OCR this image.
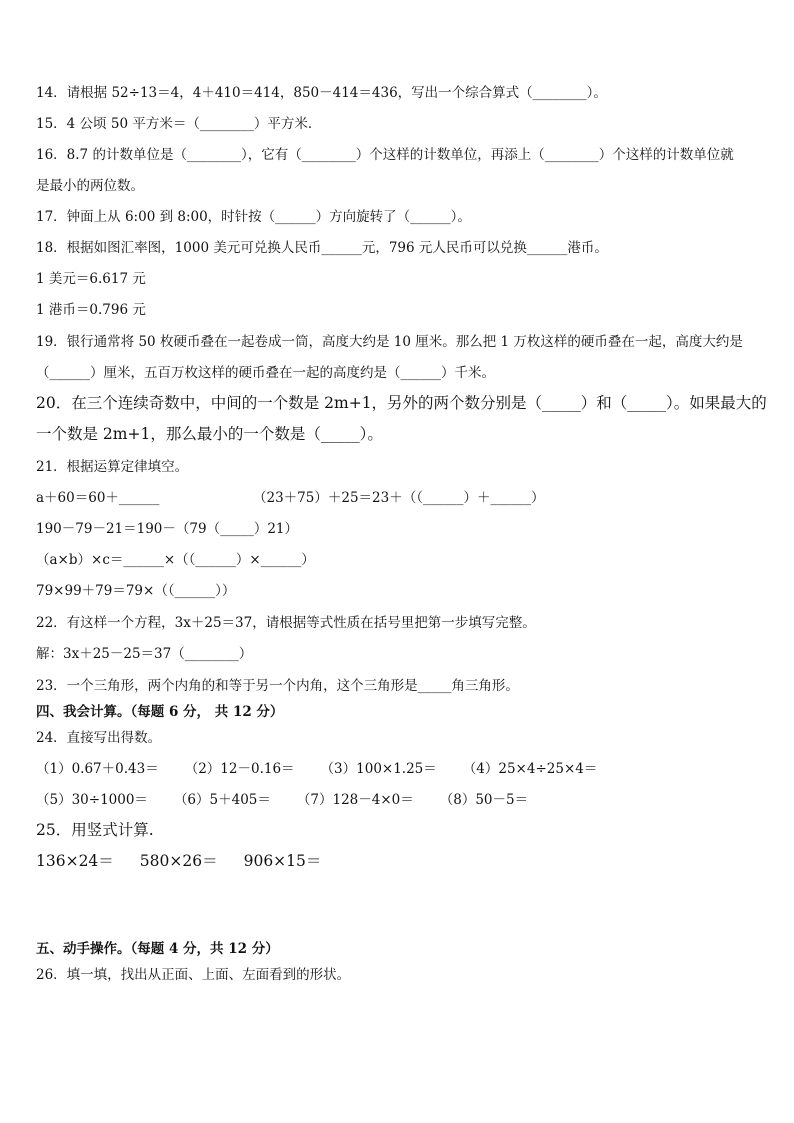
14．请根据 52÷13＝4，4＋410＝414，850－414＝436，写出一个综合算式（________）。
15．4 公顷 50 平方米＝（________）平方米．
16．8.7 的计数单位是（________），它有（________）个这样的计数单位，再添上（________）个这样的计数单位就
是最小的两位数。
17．钟面上从 6:00 到 8:00，时针按（______）方向旋转了（______）。
18．根据如图汇率图，1000 美元可兑换人民币______元，796 元人民币可以兑换______港币。
1 美元＝6.617 元
1 港币＝0.796 元
19．银行通常将 50 枚硬币叠在一起卷成一筒，高度大约是 10 厘米。那么把 1 万枚这样的硬币叠在一起，高度大约是
（______）厘米，五百万枚这样的硬币叠在一起的高度约是（______）千米。
20．在三个连续奇数中，中间的一个数是 2m+1，另外的两个数分别是（_____）和（_____）。如果最大的
一个数是 2m+1，那么最小的一个数是（_____）。
21．根据运算定律填空。
a＋60＝60＋______	（23＋75）＋25＝23＋（（______）＋______）
190－79－21＝190－（79（_____）21）
（a×b）×c＝______×（（______）×______）
79×99＋79＝79×（（______））
22．有这样一个方程，3x＋25＝37，请根据等式性质在括号里把第一步填写完整。
解：3x＋25－25＝37（________）
23．一个三角形，两个内角的和等于另一个内角，这个三角形是_____角三角形。
四、我会计算。（每题 6 分， 共 12 分）
24．直接写出得数。
（1）0.67＋0.43＝ （2）12－0.16＝ （3）100×1.25＝ （4）25×4÷25×4＝
（5）30÷1000＝ （6）5＋405＝ （7）128－4×0＝ （8）50－5＝
25．用竖式计算.
136×24＝ 580×26＝ 906×15＝
五、动手操作。（每题 4 分，共 12 分）
26．填一填，找出从正面、上面、左面看到的形状。
